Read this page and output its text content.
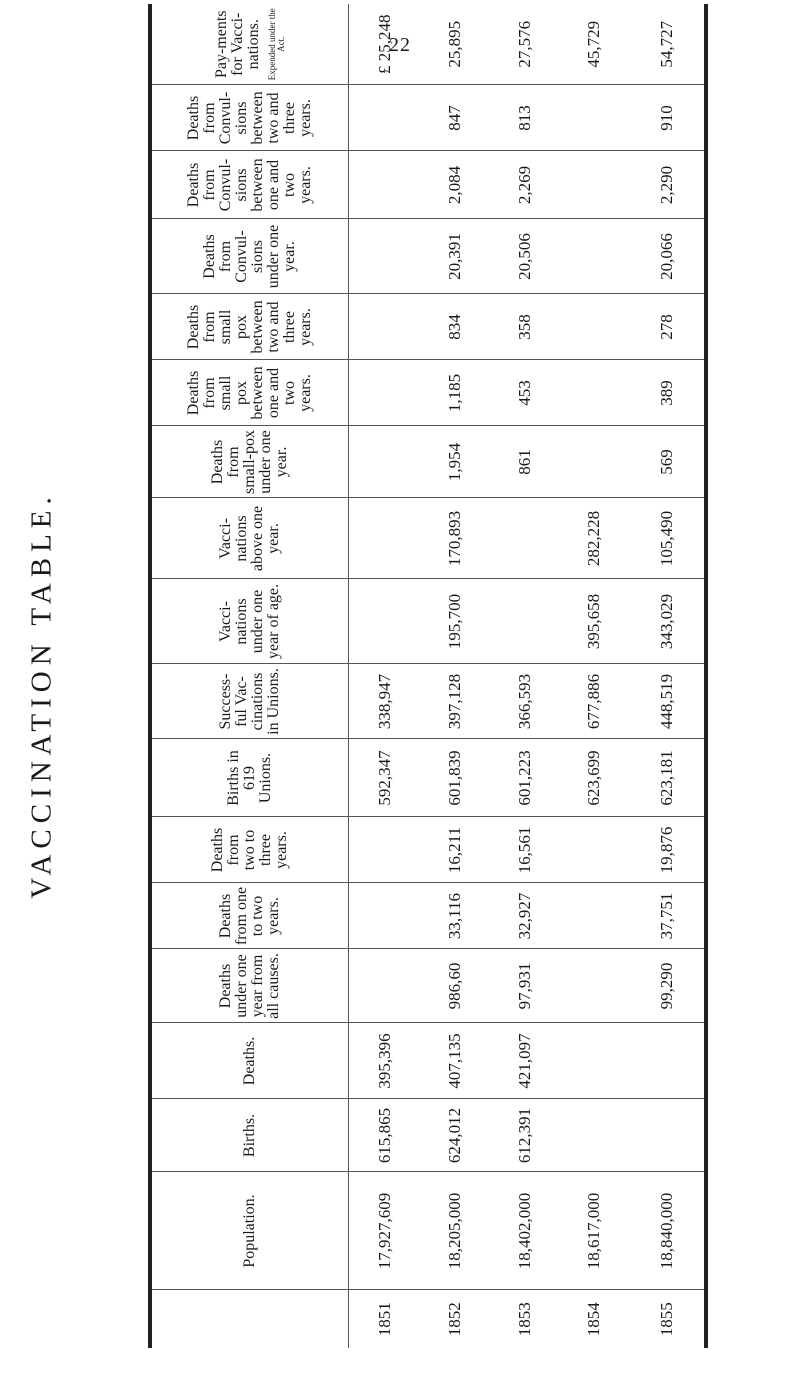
22
VACCINATION TABLE.
	Population.	Births.	Deaths.	Deaths under one year from all causes.	Deaths from one to two years.	Deaths from two to three years.	Births in 619 Unions.	Success-ful Vac-cinations in Unions.	Vacci-nations under one year of age.	Vacci-nations above one year.	Deaths from small-pox under one year.	Deaths from small pox between one and two years.	Deaths from small pox between two and three years.	Deaths from Convul-sions under one year.	Deaths from Convul-sions between one and two years.	Deaths from Convul-sions between two and three years.	Pay-ments for Vacci-nations. Expended under the Act.

1851	17,927,609	615,865	395,396				592,347	338,947									£ 25,248
1852	18,205,000	624,012	407,135	986,60	33,116	16,211	601,839	397,128	195,700	170,893	1,954	1,185	834	20,391	2,084	847	25,895
1853	18,402,000	612,391	421,097	97,931	32,927	16,561	601,223	366,593			861	453	358	20,506	2,269	813	27,576
1854	18,617,000						623,699	677,886	395,658	282,228							45,729
1855	18,840,000			99,290	37,751	19,876	623,181	448,519	343,029	105,490	569	389	278	20,066	2,290	910	54,727
